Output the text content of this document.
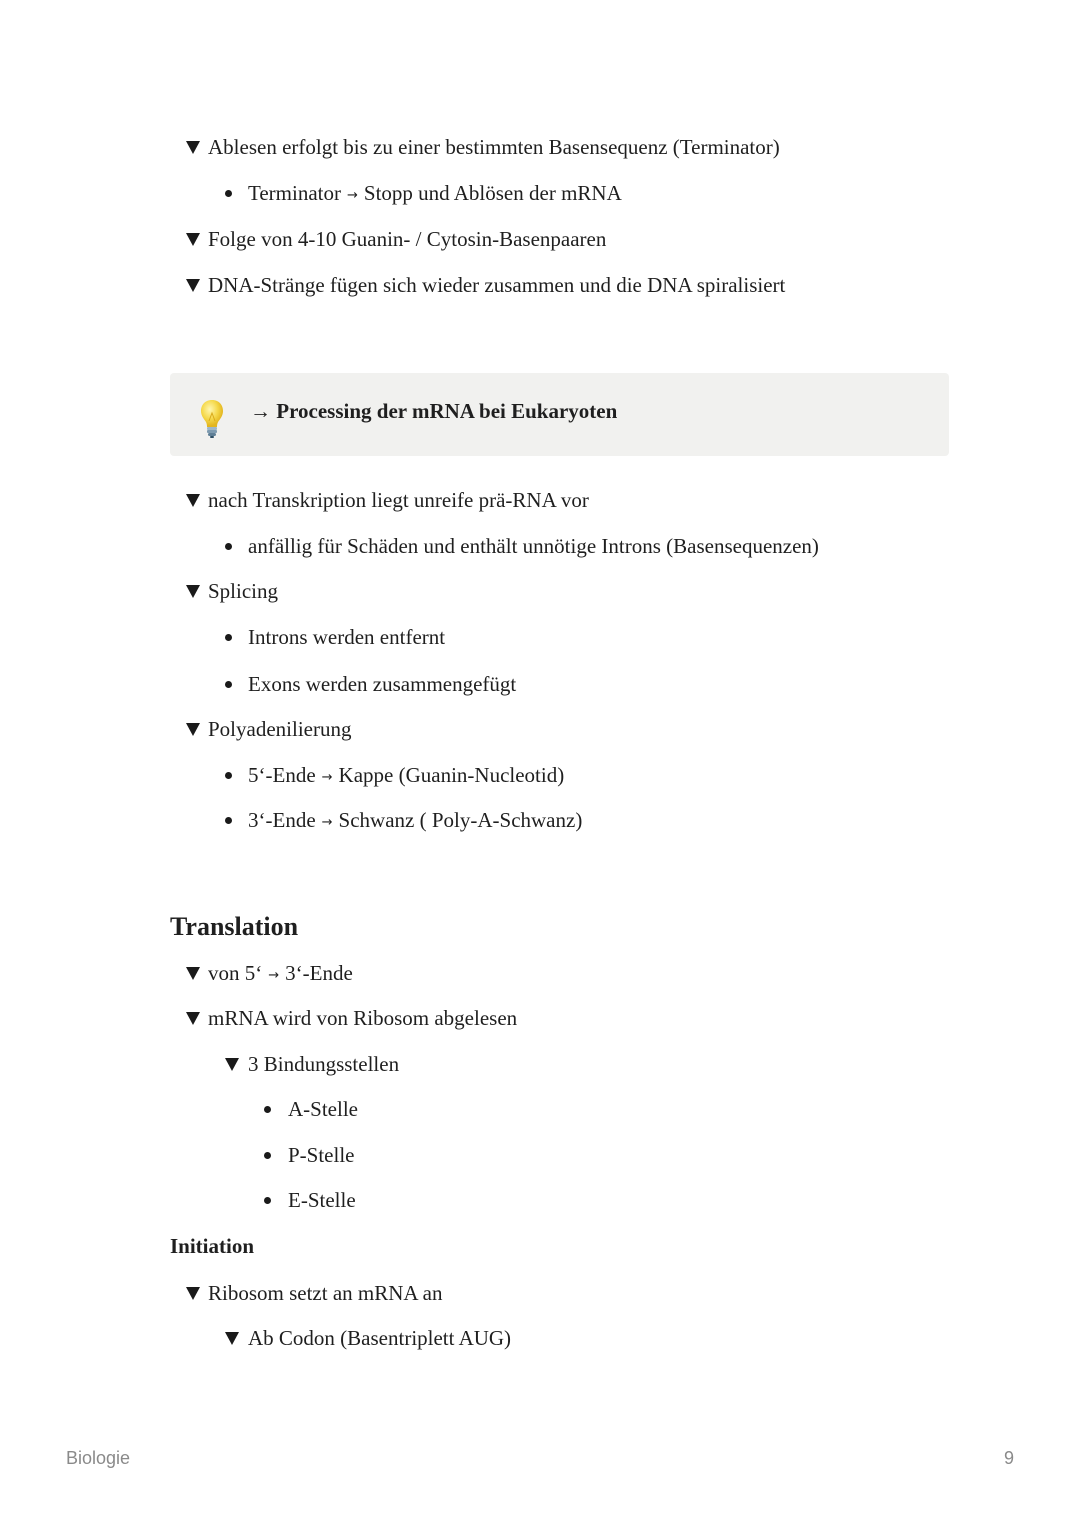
Ablesen erfolgt bis zu einer bestimmten Basensequenz (Terminator)
Terminator → Stopp und Ablösen der mRNA
Folge von 4-10 Guanin- / Cytosin-Basenpaaren
DNA-Stränge fügen sich wieder zusammen und die DNA spiralisiert
→ Processing der mRNA bei Eukaryoten
nach Transkription liegt unreife prä-RNA vor
anfällig für Schäden und enthält unnötige Introns (Basensequenzen)
Splicing
Introns werden entfernt
Exons werden zusammengefügt
Polyadenilierung
5‘-Ende → Kappe (Guanin-Nucleotid)
3‘-Ende → Schwanz ( Poly-A-Schwanz)
Translation
von 5‘ → 3‘-Ende
mRNA wird von Ribosom abgelesen
3 Bindungsstellen
A-Stelle
P-Stelle
E-Stelle
Initiation
Ribosom setzt an mRNA an
Ab Codon (Basentriplett AUG)
Biologie	9
